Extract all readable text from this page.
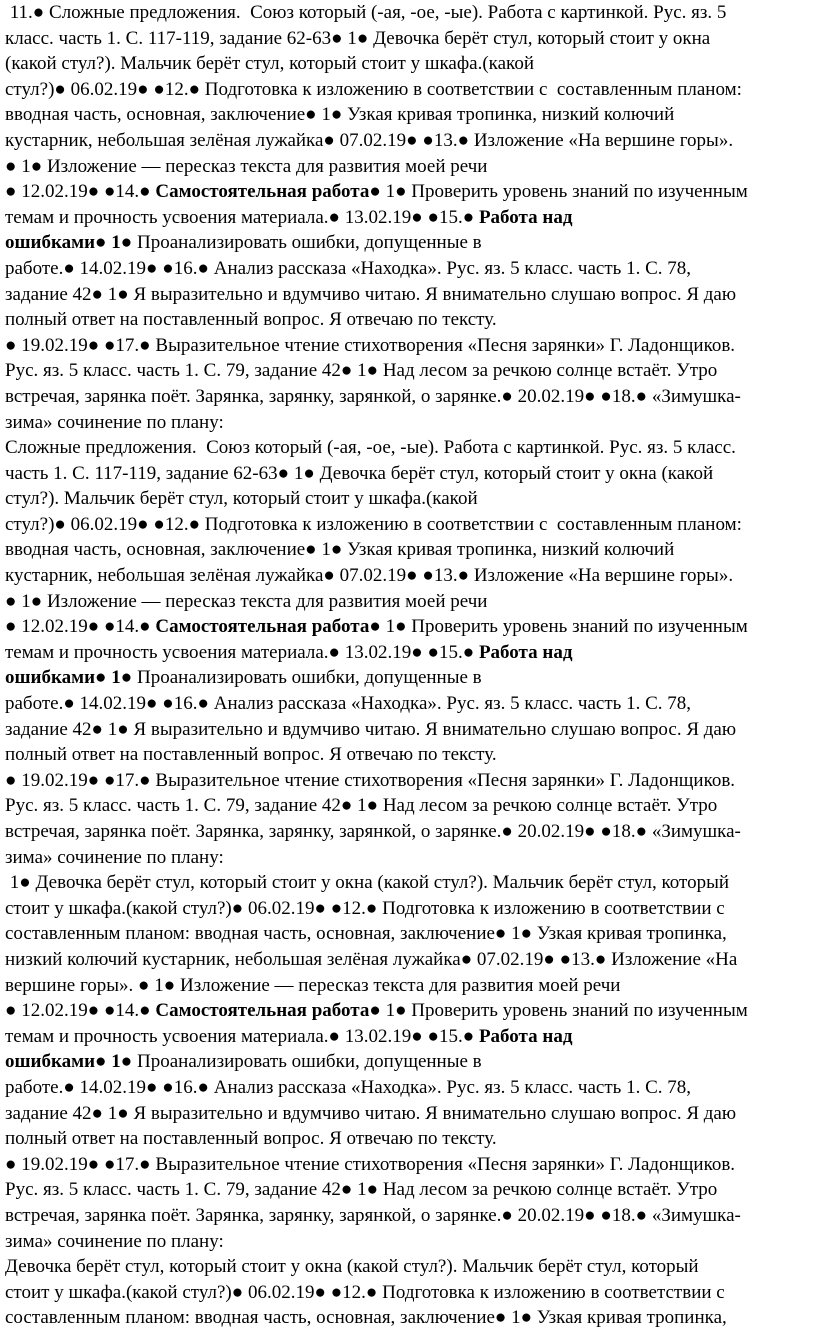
11.● Сложные предложения.  Союз который (-ая, -ое, -ые). Работа с картинкой. Рус. яз. 5
класс. часть 1. С. 117-119, задание 62-63● 1● Девочка берёт стул, который стоит у окна
(какой стул?). Мальчик берёт стул, который стоит у шкафа.(какой
стул?)● 06.02.19● ●12.● Подготовка к изложению в соответствии с  составленным планом:
вводная часть, основная, заключение● 1● Узкая кривая тропинка, низкий колючий
кустарник, небольшая зелёная лужайка● 07.02.19● ●13.● Изложение «На вершине горы».
● 1● Изложение — пересказ текста для развития моей речи
● 12.02.19● ●14.● Самостоятельная работа● 1● Проверить уровень знаний по изученным
темам и прочность усвоения материала.● 13.02.19● ●15.● Работа над
ошибками● 1● Проанализировать ошибки, допущенные в
работе.● 14.02.19● ●16.● Анализ рассказа «Находка». Рус. яз. 5 класс. часть 1. С. 78,
задание 42● 1● Я выразительно и вдумчиво читаю. Я внимательно слушаю вопрос. Я даю
полный ответ на поставленный вопрос. Я отвечаю по тексту.
● 19.02.19● ●17.● Выразительное чтение стихотворения «Песня зарянки» Г. Ладонщиков.
Рус. яз. 5 класс. часть 1. С. 79, задание 42● 1● Над лесом за речкою солнце встаёт. Утро
встречая, зарянка поёт. Зарянка, зарянку, зарянкой, о зарянке.● 20.02.19● ●18.● «Зимушка-
зима» сочинение по плану:
Сложные предложения.  Союз который (-ая, -ое, -ые). Работа с картинкой. Рус. яз. 5 класс.
часть 1. С. 117-119, задание 62-63● 1● Девочка берёт стул, который стоит у окна (какой
стул?). Мальчик берёт стул, который стоит у шкафа.(какой
стул?)● 06.02.19● ●12.● Подготовка к изложению в соответствии с  составленным планом:
вводная часть, основная, заключение● 1● Узкая кривая тропинка, низкий колючий
кустарник, небольшая зелёная лужайка● 07.02.19● ●13.● Изложение «На вершине горы».
● 1● Изложение — пересказ текста для развития моей речи
● 12.02.19● ●14.● Самостоятельная работа● 1● Проверить уровень знаний по изученным
темам и прочность усвоения материала.● 13.02.19● ●15.● Работа над
ошибками● 1● Проанализировать ошибки, допущенные в
работе.● 14.02.19● ●16.● Анализ рассказа «Находка». Рус. яз. 5 класс. часть 1. С. 78,
задание 42● 1● Я выразительно и вдумчиво читаю. Я внимательно слушаю вопрос. Я даю
полный ответ на поставленный вопрос. Я отвечаю по тексту.
● 19.02.19● ●17.● Выразительное чтение стихотворения «Песня зарянки» Г. Ладонщиков.
Рус. яз. 5 класс. часть 1. С. 79, задание 42● 1● Над лесом за речкою солнце встаёт. Утро
встречая, зарянка поёт. Зарянка, зарянку, зарянкой, о зарянке.● 20.02.19● ●18.● «Зимушка-
зима» сочинение по плану:
1● Девочка берёт стул, который стоит у окна (какой стул?). Мальчик берёт стул, который
стоит у шкафа.(какой стул?)● 06.02.19● ●12.● Подготовка к изложению в соответствии с
составленным планом: вводная часть, основная, заключение● 1● Узкая кривая тропинка,
низкий колючий кустарник, небольшая зелёная лужайка● 07.02.19● ●13.● Изложение «На
вершине горы». ● 1● Изложение — пересказ текста для развития моей речи
● 12.02.19● ●14.● Самостоятельная работа● 1● Проверить уровень знаний по изученным
темам и прочность усвоения материала.● 13.02.19● ●15.● Работа над
ошибками● 1● Проанализировать ошибки, допущенные в
работе.● 14.02.19● ●16.● Анализ рассказа «Находка». Рус. яз. 5 класс. часть 1. С. 78,
задание 42● 1● Я выразительно и вдумчиво читаю. Я внимательно слушаю вопрос. Я даю
полный ответ на поставленный вопрос. Я отвечаю по тексту.
● 19.02.19● ●17.● Выразительное чтение стихотворения «Песня зарянки» Г. Ладонщиков.
Рус. яз. 5 класс. часть 1. С. 79, задание 42● 1● Над лесом за речкою солнце встаёт. Утро
встречая, зарянка поёт. Зарянка, зарянку, зарянкой, о зарянке.● 20.02.19● ●18.● «Зимушка-
зима» сочинение по плану:
Девочка берёт стул, который стоит у окна (какой стул?). Мальчик берёт стул, который
стоит у шкафа.(какой стул?)● 06.02.19● ●12.● Подготовка к изложению в соответствии с
составленным планом: вводная часть, основная, заключение● 1● Узкая кривая тропинка,
